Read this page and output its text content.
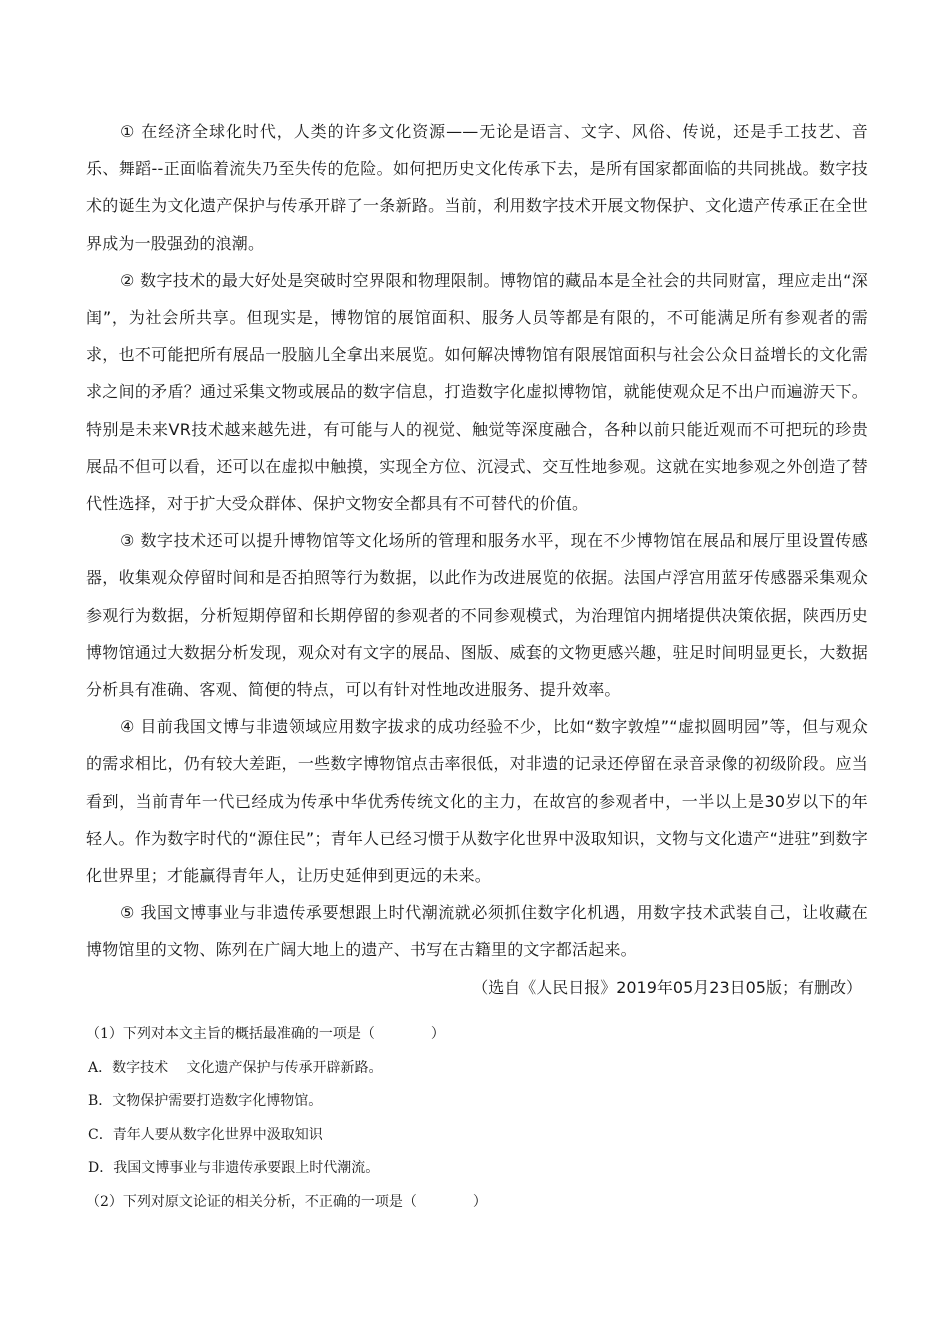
① 在经济全球化时代，人类的许多文化资源——无论是语言、文字、风俗、传说，还是手工技艺、音乐、舞蹈--正面临着流失乃至失传的危险。如何把历史文化传承下去，是所有国家都面临的共同挑战。数字技术的诞生为文化遗产保护与传承开辟了一条新路。当前，利用数字技术开展文物保护、文化遗产传承正在全世界成为一股强劲的浪潮。

② 数字技术的最大好处是突破时空界限和物理限制。博物馆的藏品本是全社会的共同财富，理应走出“深闺”，为社会所共享。但现实是，博物馆的展馆面积、服务人员等都是有限的，不可能满足所有参观者的需求，也不可能把所有展品一股脑儿全拿出来展览。如何解决博物馆有限展馆面积与社会公众日益增长的文化需求之间的矛盾？通过采集文物或展品的数字信息，打造数字化虚拟博物馆，就能使观众足不出户而遍游天下。特别是未来VR技术越来越先进，有可能与人的视觉、触觉等深度融合，各种以前只能近观而不可把玩的珍贵展品不但可以看，还可以在虚拟中触摸，实现全方位、沉浸式、交互性地参观。这就在实地参观之外创造了替代性选择，对于扩大受众群体、保护文物安全都具有不可替代的价值。

③ 数字技术还可以提升博物馆等文化场所的管理和服务水平，现在不少博物馆在展品和展厅里设置传感器，收集观众停留时间和是否拍照等行为数据，以此作为改进展览的依据。法国卢浮宫用蓝牙传感器采集观众参观行为数据，分析短期停留和长期停留的参观者的不同参观模式，为治理馆内拥堵提供决策依据，陕西历史博物馆通过大数据分析发现，观众对有文字的展品、图版、威套的文物更感兴趣，驻足时间明显更长，大数据分析具有准确、客观、简便的特点，可以有针对性地改进服务、提升效率。

④ 目前我国文博与非遗领域应用数字拔求的成功经验不少，比如“数字敦煌”“虚拟圆明园”等，但与观众的需求相比，仍有较大差距，一些数字博物馆点击率很低，对非遗的记录还停留在录音录像的初级阶段。应当看到，当前青年一代已经成为传承中华优秀传统文化的主力，在故宫的参观者中，一半以上是30岁以下的年轻人。作为数字时代的“源住民”；青年人已经习惯于从数字化世界中汲取知识，文物与文化遗产“进驻”到数字化世界里；才能赢得青年人，让历史延伸到更远的未来。

⑤ 我国文博事业与非遗传承要想跟上时代潮流就必须抓住数字化机遇，用数字技术武装自己，让收藏在博物馆里的文物、陈列在广阔大地上的遗产、书写在古籍里的文字都活起来。

（选自《人民日报》2019年05月23日05版；有删改）

（1）下列对本文主旨的概括最准确的一项是（　　　　）

A．数字技术　 文化遗产保护与传承开辟新路。

B．文物保护需要打造数字化博物馆。

C．青年人要从数字化世界中汲取知识

D．我国文博事业与非遗传承要跟上时代潮流。

（2）下列对原文论证的相关分析，不正确的一项是（　　　　）
